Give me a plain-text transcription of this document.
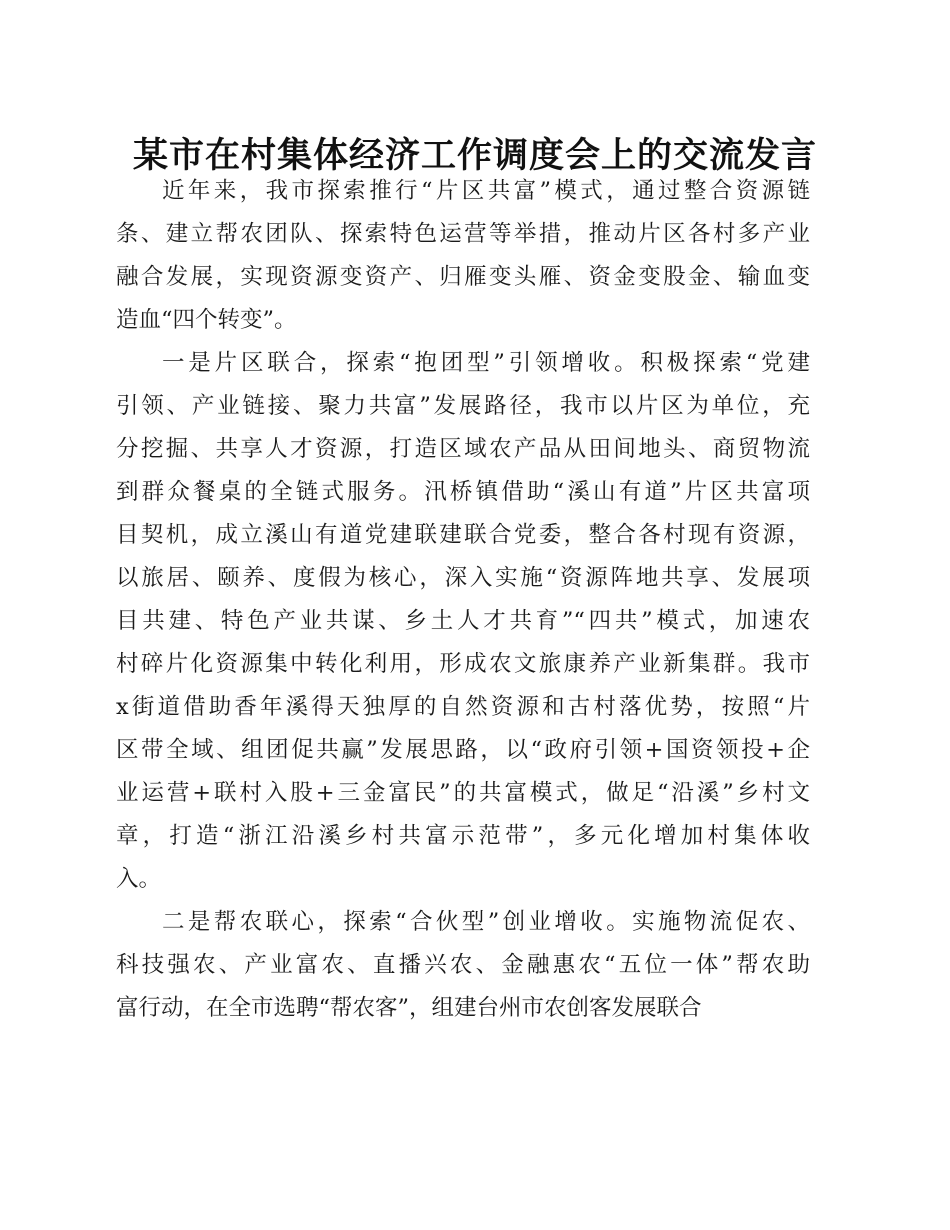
某市在村集体经济工作调度会上的交流发言
近年来，我市探索推行“片区共富”模式，通过整合资源链
条、建立帮农团队、探索特色运营等举措，推动片区各村多产业
融合发展，实现资源变资产、归雁变头雁、资金变股金、输血变
造血“四个转变”。
一是片区联合，探索“抱团型”引领增收。积极探索“党建
引领、产业链接、聚力共富”发展路径，我市以片区为单位，充
分挖掘、共享人才资源，打造区域农产品从田间地头、商贸物流
到群众餐桌的全链式服务。汛桥镇借助“溪山有道”片区共富项
目契机，成立溪山有道党建联建联合党委，整合各村现有资源，
以旅居、颐养、度假为核心，深入实施“资源阵地共享、发展项
目共建、特色产业共谋、乡土人才共育”“四共”模式，加速农
村碎片化资源集中转化利用，形成农文旅康养产业新集群。我市
x街道借助香年溪得天独厚的自然资源和古村落优势，按照“片
区带全域、组团促共赢”发展思路，以“政府引领+国资领投+企
业运营+联村入股+三金富民”的共富模式，做足“沿溪”乡村文
章，打造“浙江沿溪乡村共富示范带”，多元化增加村集体收
入。
二是帮农联心，探索“合伙型”创业增收。实施物流促农、
科技强农、产业富农、直播兴农、金融惠农“五位一体”帮农助
富行动，在全市选聘“帮农客”，组建台州市农创客发展联合
